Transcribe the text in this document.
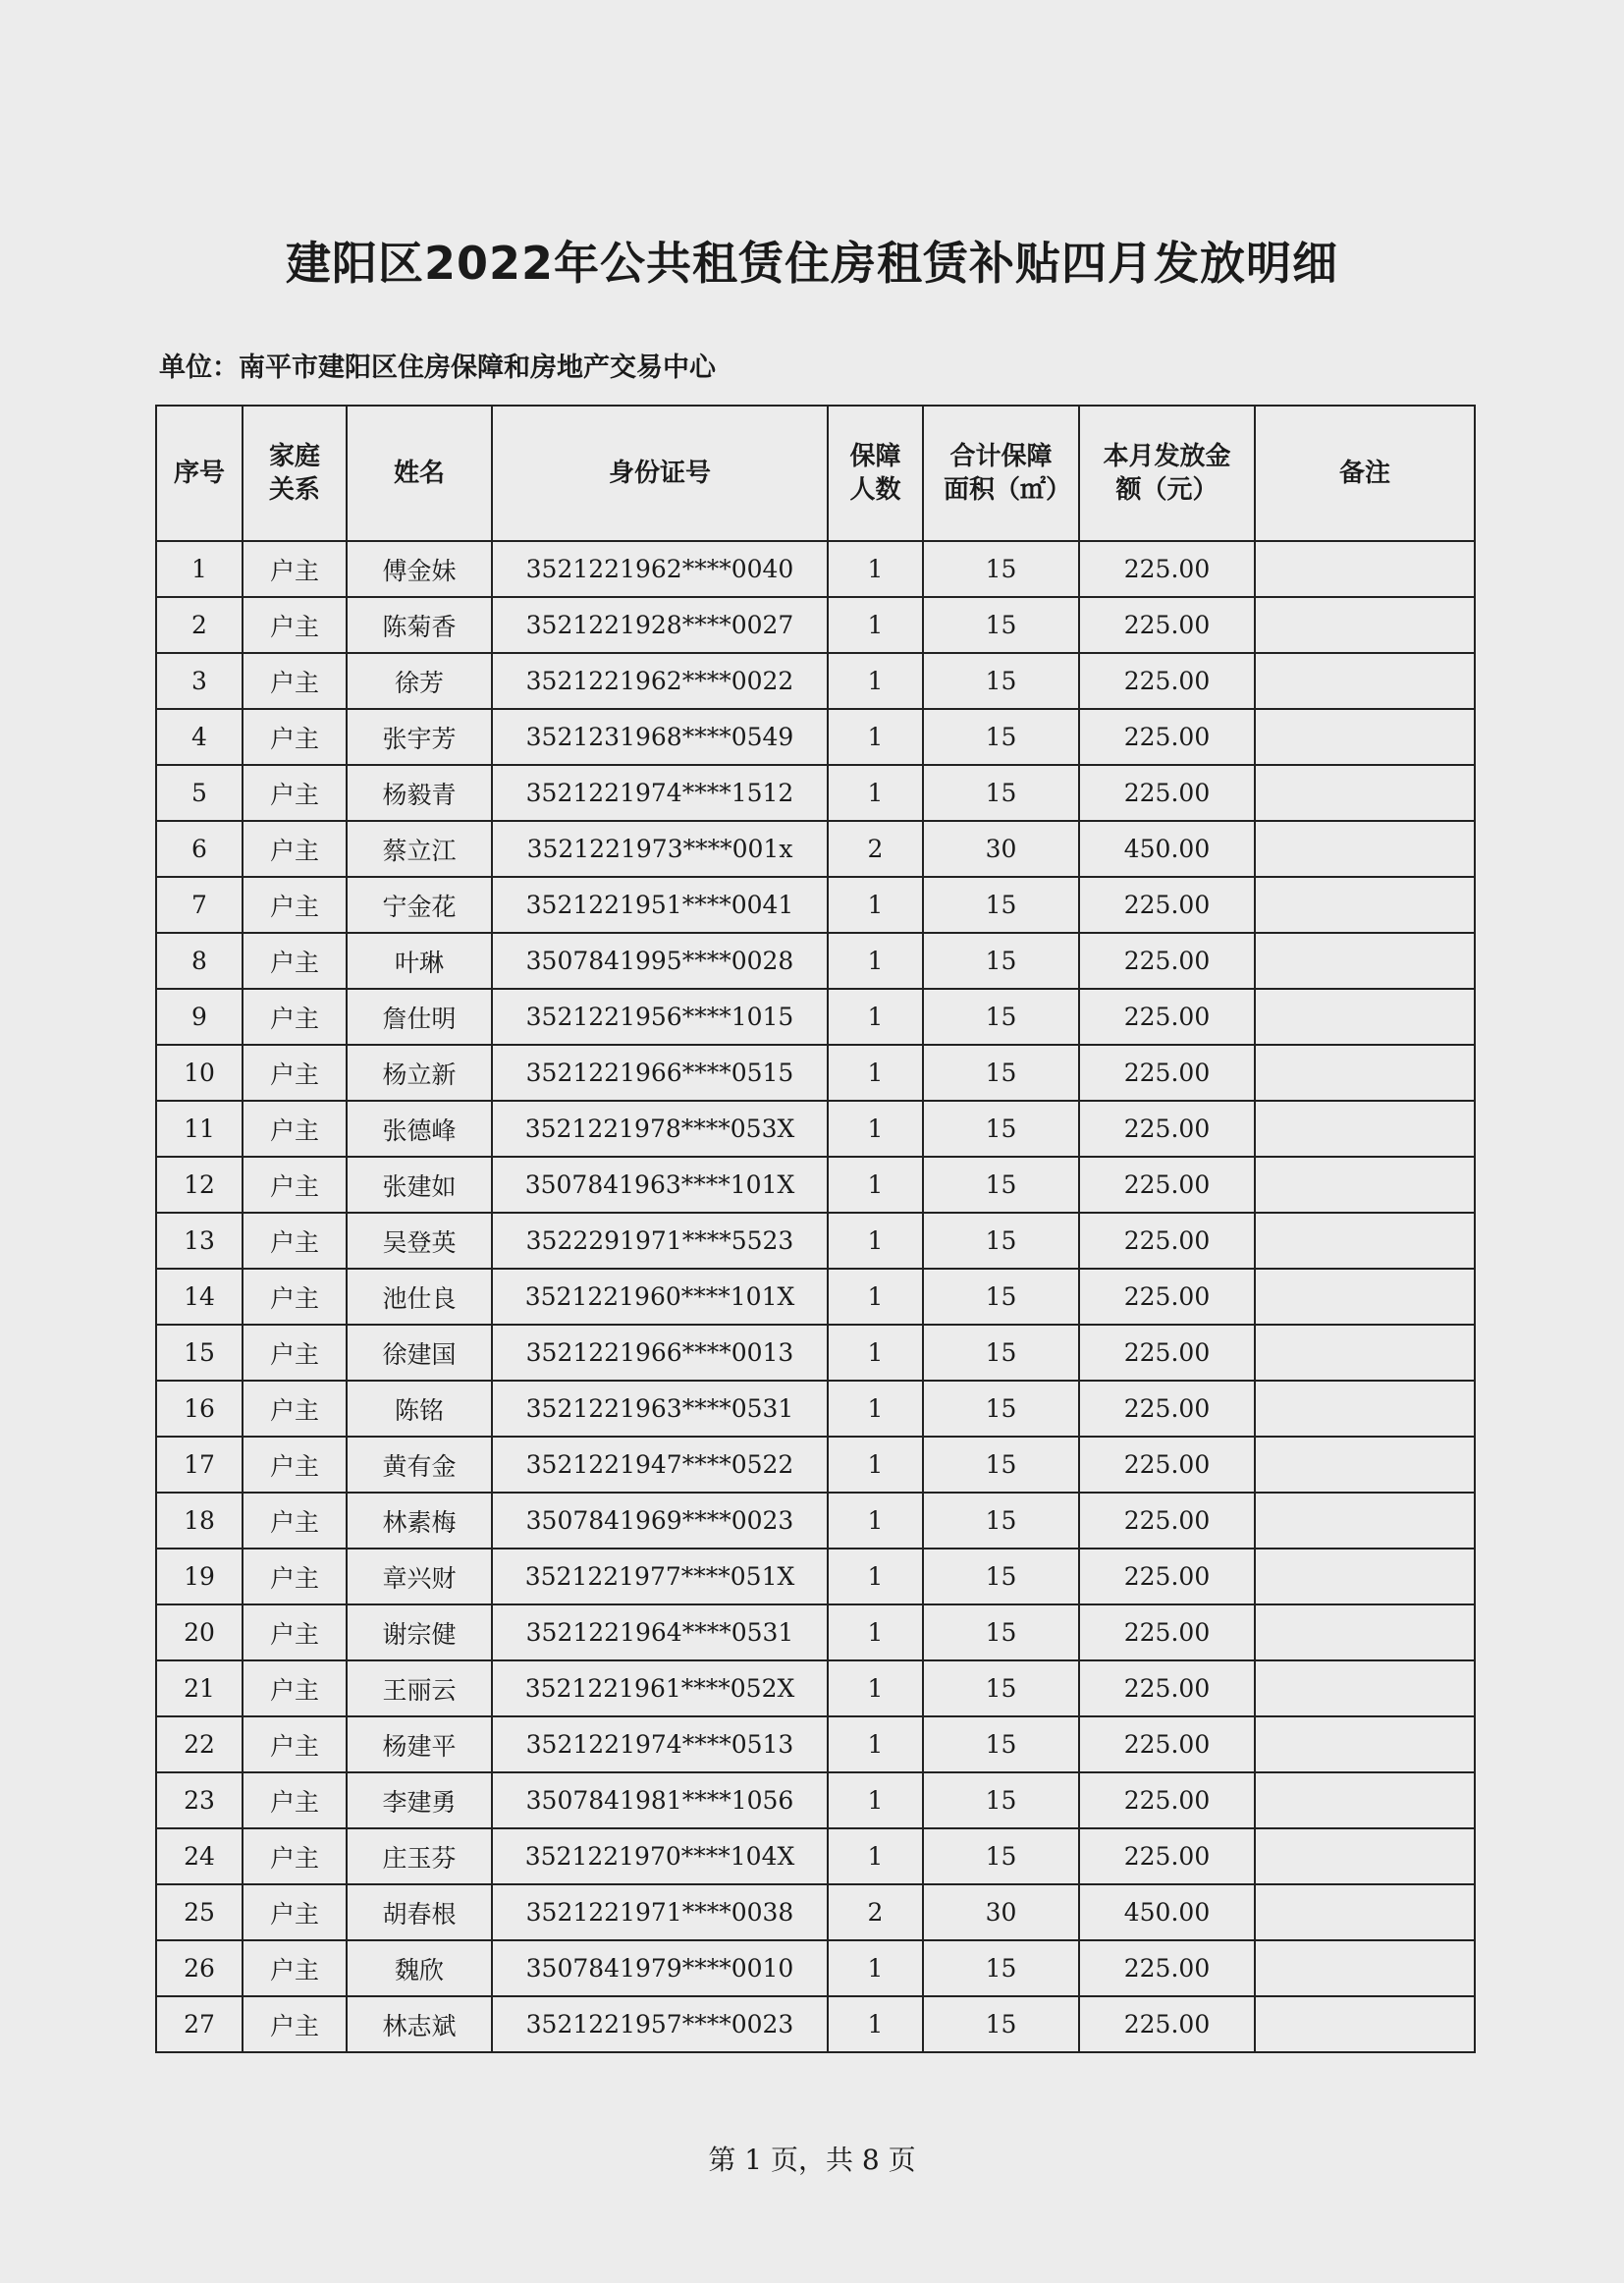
建阳区2022年公共租赁住房租赁补贴四月发放明细
单位：南平市建阳区住房保障和房地产交易中心
序号	家庭关系	姓名	身份证号	保障人数	合计保障面积（㎡）	本月发放金额（元）	备注
1	户主	傅金妹	3521221962****0040	1	15	225.00	
2	户主	陈菊香	3521221928****0027	1	15	225.00	
3	户主	徐芳	3521221962****0022	1	15	225.00	
4	户主	张宇芳	3521231968****0549	1	15	225.00	
5	户主	杨毅青	3521221974****1512	1	15	225.00	
6	户主	蔡立江	3521221973****001x	2	30	450.00	
7	户主	宁金花	3521221951****0041	1	15	225.00	
8	户主	叶琳	3507841995****0028	1	15	225.00	
9	户主	詹仕明	3521221956****1015	1	15	225.00	
10	户主	杨立新	3521221966****0515	1	15	225.00	
11	户主	张德峰	3521221978****053X	1	15	225.00	
12	户主	张建如	3507841963****101X	1	15	225.00	
13	户主	吴登英	3522291971****5523	1	15	225.00	
14	户主	池仕良	3521221960****101X	1	15	225.00	
15	户主	徐建国	3521221966****0013	1	15	225.00	
16	户主	陈铭	3521221963****0531	1	15	225.00	
17	户主	黄有金	3521221947****0522	1	15	225.00	
18	户主	林素梅	3507841969****0023	1	15	225.00	
19	户主	章兴财	3521221977****051X	1	15	225.00	
20	户主	谢宗健	3521221964****0531	1	15	225.00	
21	户主	王丽云	3521221961****052X	1	15	225.00	
22	户主	杨建平	3521221974****0513	1	15	225.00	
23	户主	李建勇	3507841981****1056	1	15	225.00	
24	户主	庄玉芬	3521221970****104X	1	15	225.00	
25	户主	胡春根	3521221971****0038	2	30	450.00	
26	户主	魏欣	3507841979****0010	1	15	225.00	
27	户主	林志斌	3521221957****0023	1	15	225.00	
第 1 页，共 8 页
